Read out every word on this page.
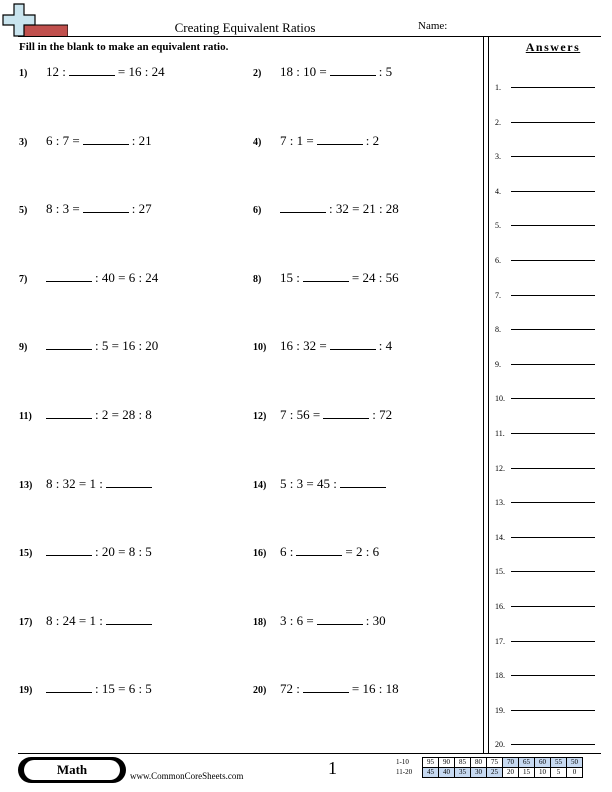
Creating Equivalent Ratios	Name:
Fill in the blank to make an equivalent ratio.
1)	12 :	= 16 : 24	2)	18 : 10 =	: 5
3)	6 : 7 =	: 21	4)	7 : 1 =	: 2
5)	8 : 3 =	: 27	6)	: 32 = 21 : 28
7)	: 40 = 6 : 24	8)	15 :	= 24 : 56
9)	: 5 = 16 : 20	10)	16 : 32 =	: 4
11)	: 2 = 28 : 8	12)	7 : 56 =	: 72
13)	8 : 32 = 1 :	14)	5 : 3 = 45 :
15)	: 20 = 8 : 5	16)	6 :	= 2 : 6
17)	8 : 24 = 1 :	18)	3 : 6 =	: 30
19)	: 15 = 6 : 5	20)	72 :	= 16 : 18
Answers
1.
2.
3.
4.
5.
6.
7.
8.
9.
10.
11.
12.
13.
14.
15.
16.
17.
18.
19.
20.
Math	www.CommonCoreSheets.com	1	1-10	95	90	85	80	75	70	65	60	55	50
11-20	45	40	35	30	25	20	15	10	5	0
